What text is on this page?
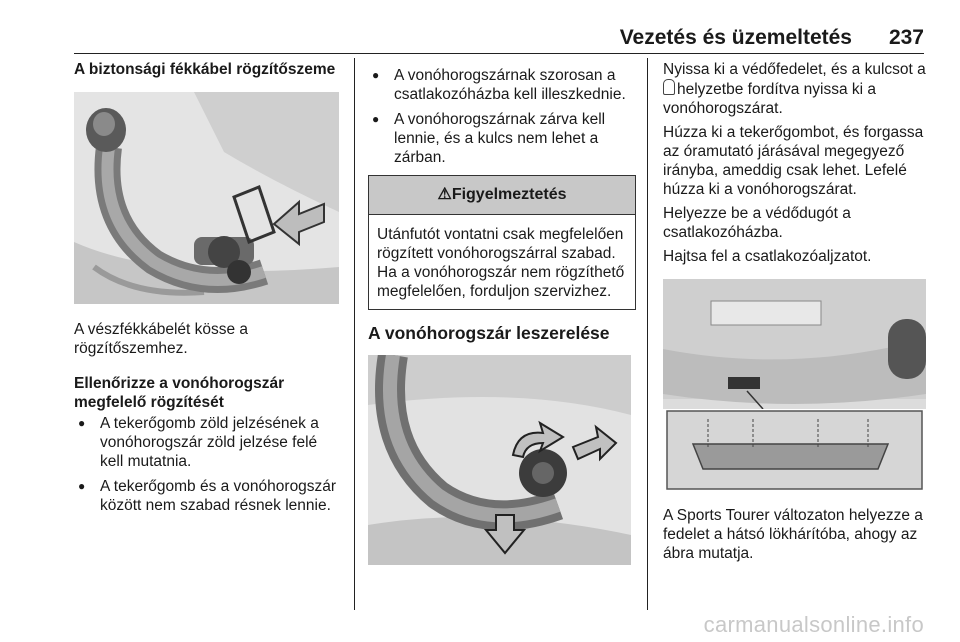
Vezetés és üzemeltetés 237

A biztonsági fékkábel rögzítőszeme

A vészfékkábelét kösse a rögzítőszemhez.

Ellenőrizze a vonóhorogszár megfelelő rögzítését

● A tekerőgomb zöld jelzésének a vonóhorogszár zöld jelzése felé kell mutatnia.
● A tekerőgomb és a vonóhorogszár között nem szabad résnek lennie.
● A vonóhorogszárnak szorosan a csatlakozóházba kell illeszkednie.
● A vonóhorogszárnak zárva kell lennie, és a kulcs nem lehet a zárban.
⚠Figyelmeztetés
Utánfutót vontatni csak megfelelően rögzített vonóhorogszárral szabad. Ha a vonóhorogszár nem rögzíthető megfelelően, forduljon szervizhez.

A vonóhorogszár leszerelése

Nyissa ki a védőfedelet, és a kulcsot a helyzetbe fordítva nyissa ki a vonóhorogszárat.

Húzza ki a tekerőgombot, és forgassa az óramutató járásával megegyező irányba, ameddig csak lehet. Lefelé húzza ki a vonóhorogszárat.

Helyezze be a védődugót a csatlakozóházba.

Hajtsa fel a csatlakozóaljzatot.

A Sports Tourer változaton helyezze a fedelet a hátsó lökhárítóba, ahogy az ábra mutatja.

carmanualsonline.info
